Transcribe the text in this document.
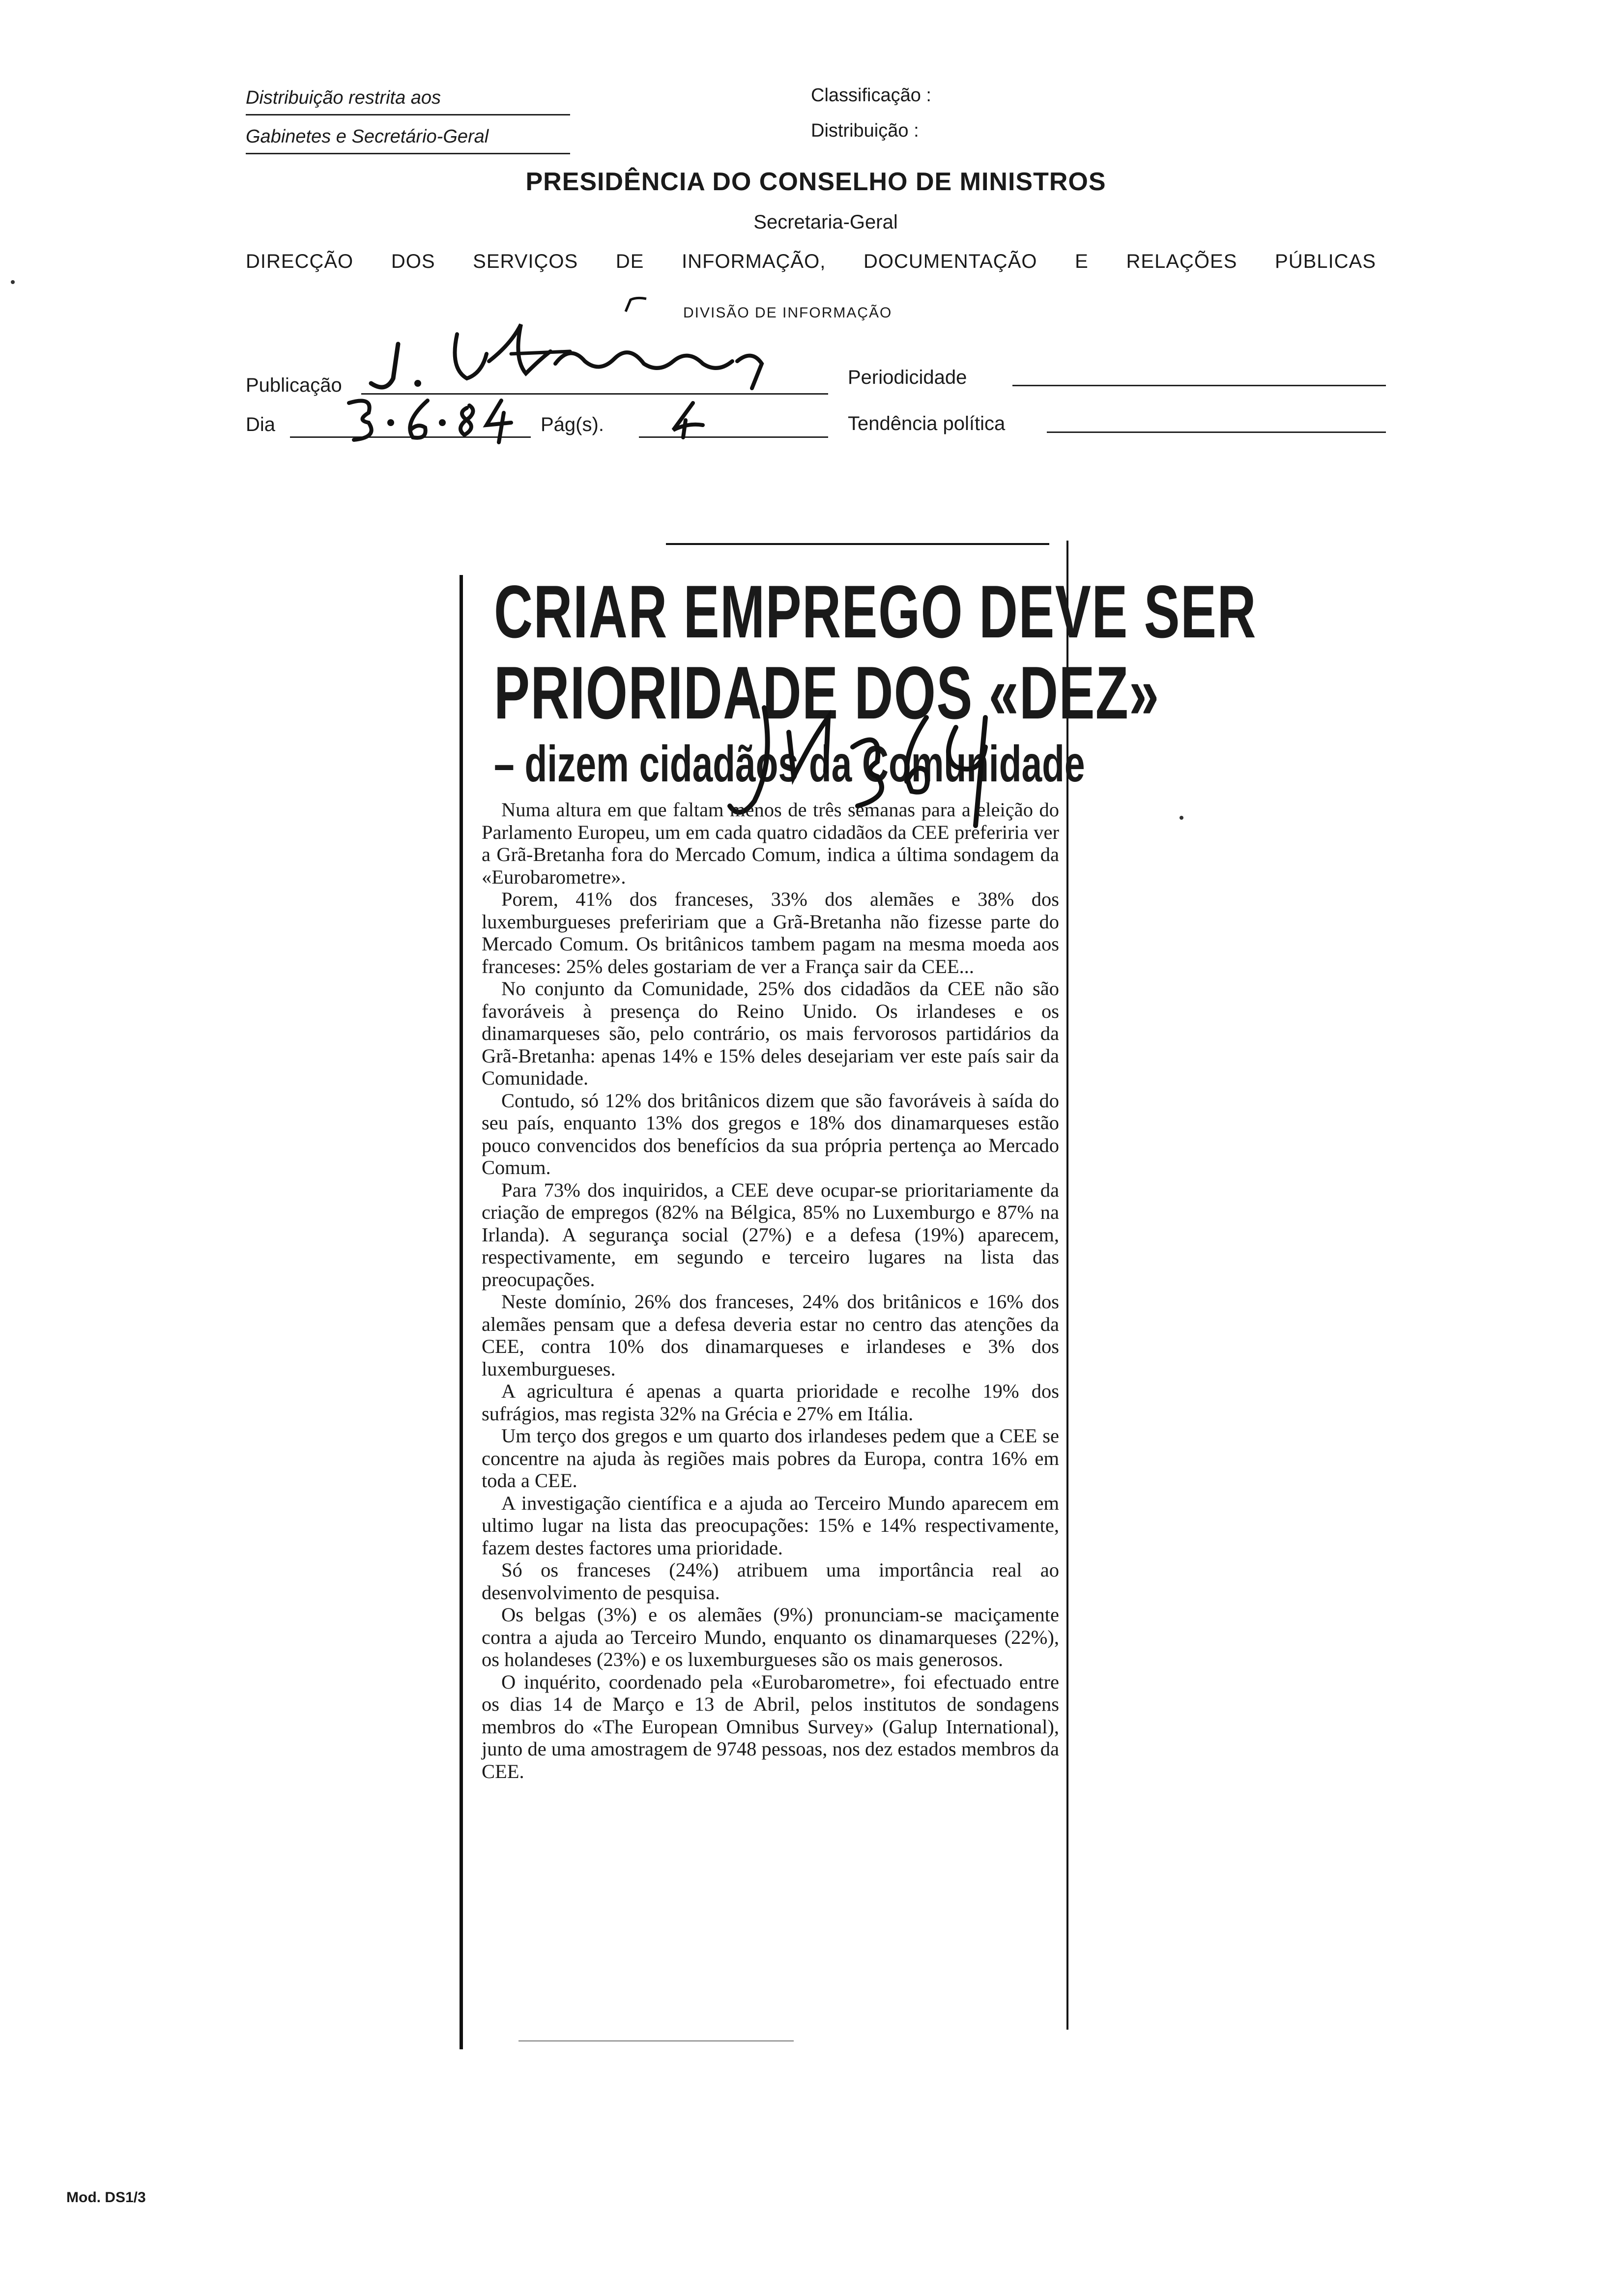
Distribuição restrita aos
Gabinetes e Secretário-Geral
Classificação :
Distribuição :
PRESIDÊNCIA DO CONSELHO DE MINISTROS
Secretaria-Geral
DIRECÇÃO DOS SERVIÇOS DE INFORMAÇÃO, DOCUMENTAÇÃO E RELAÇÕES PÚBLICAS
DIVISÃO DE INFORMAÇÃO
Publicação	Periodicidade
Dia	Pág(s).	Tendência política
CRIAR EMPREGO DEVE SER
PRIORIDADE DOS «DEZ»
– dizem cidadãos da Comunidade

Numa altura em que faltam menos de três semanas para a eleição do Parlamento Europeu, um em cada quatro cidadãos da CEE preferiria ver a Grã-Bretanha fora do Mercado Comum, indica a última sondagem da «Eurobarometre».

Porem, 41% dos franceses, 33% dos alemães e 38% dos luxemburgueses prefeririam que a Grã-Bretanha não fizesse parte do Mercado Comum. Os britânicos tambem pagam na mesma moeda aos franceses: 25% deles gostariam de ver a França sair da CEE...

No conjunto da Comunidade, 25% dos cidadãos da CEE não são favoráveis à presença do Reino Unido. Os irlandeses e os dinamarqueses são, pelo contrário, os mais fervorosos partidários da Grã-Bretanha: apenas 14% e 15% deles desejariam ver este país sair da Comunidade.

Contudo, só 12% dos britânicos dizem que são favoráveis à saída do seu país, enquanto 13% dos gregos e 18% dos dinamarqueses estão pouco convencidos dos benefícios da sua própria pertença ao Mercado Comum.

Para 73% dos inquiridos, a CEE deve ocupar-se prioritariamente da criação de empregos (82% na Bélgica, 85% no Luxemburgo e 87% na Irlanda). A segurança social (27%) e a defesa (19%) aparecem, respectivamente, em segundo e terceiro lugares na lista das preocupações.

Neste domínio, 26% dos franceses, 24% dos britânicos e 16% dos alemães pensam que a defesa deveria estar no centro das atenções da CEE, contra 10% dos dinamarqueses e irlandeses e 3% dos luxemburgueses.

A agricultura é apenas a quarta prioridade e recolhe 19% dos sufrágios, mas regista 32% na Grécia e 27% em Itália.

Um terço dos gregos e um quarto dos irlandeses pedem que a CEE se concentre na ajuda às regiões mais pobres da Europa, contra 16% em toda a CEE.

A investigação científica e a ajuda ao Terceiro Mundo aparecem em ultimo lugar na lista das preocupações: 15% e 14% respectivamente, fazem destes factores uma prioridade.

Só os franceses (24%) atribuem uma importância real ao desenvolvimento de pesquisa.

Os belgas (3%) e os alemães (9%) pronunciam-se maciçamente contra a ajuda ao Terceiro Mundo, enquanto os dinamarqueses (22%), os holandeses (23%) e os luxemburgueses são os mais generosos.

O inquérito, coordenado pela «Eurobarometre», foi efectuado entre os dias 14 de Março e 13 de Abril, pelos institutos de sondagens membros do «The European Omnibus Survey» (Galup International), junto de uma amostragem de 9748 pessoas, nos dez estados membros da CEE.

Mod. DS1/3
